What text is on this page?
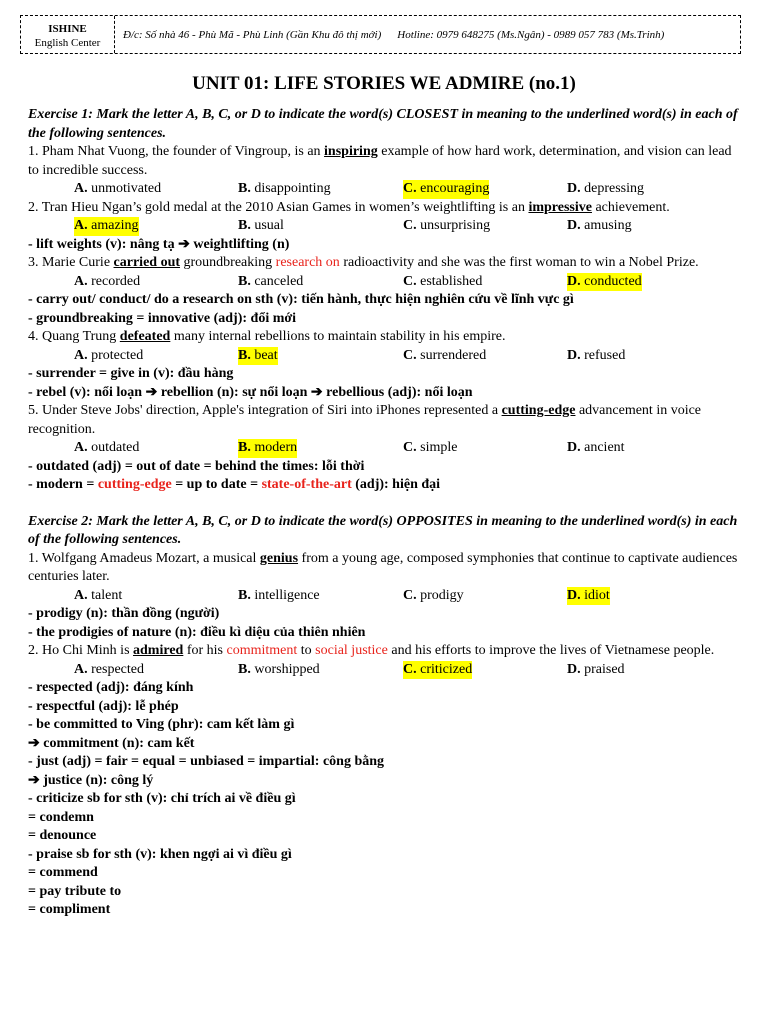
ISHINE
English Center
Đ/c: Số nhà 46 - Phù Mã - Phù Linh (Gần Khu đô thị mới) Hotline: 0979 648275 (Ms.Ngân) - 0989 057 783 (Ms.Trinh)
UNIT 01: LIFE STORIES WE ADMIRE (no.1)
Exercise 1: Mark the letter A, B, C, or D to indicate the word(s) CLOSEST in meaning to the underlined word(s) in each of the following sentences.
1. Pham Nhat Vuong, the founder of Vingroup, is an inspiring example of how hard work, determination, and vision can lead to incredible success.
A. unmotivated	B. disappointing	C. encouraging	D. depressing
2. Tran Hieu Ngan’s gold medal at the 2010 Asian Games in women’s weightlifting is an impressive achievement.
A. amazing	B. usual	C. unsurprising	D. amusing
- lift weights (v): nâng tạ ➔ weightlifting (n)
3. Marie Curie carried out groundbreaking research on radioactivity and she was the first woman to win a Nobel Prize.
A. recorded	B. canceled	C. established	D. conducted
- carry out/ conduct/ do a research on sth (v): tiến hành, thực hiện nghiên cứu về lĩnh vực gì
- groundbreaking = innovative (adj): đổi mới
4. Quang Trung defeated many internal rebellions to maintain stability in his empire.
A. protected	B. beat	C. surrendered	D. refused
- surrender = give in (v): đầu hàng
- rebel (v): nổi loạn ➔ rebellion (n): sự nổi loạn ➔ rebellious (adj): nổi loạn
5. Under Steve Jobs' direction, Apple's integration of Siri into iPhones represented a cutting-edge advancement in voice recognition.
A. outdated	B. modern	C. simple	D. ancient
- outdated (adj) = out of date = behind the times: lỗi thời
- modern = cutting-edge = up to date = state-of-the-art (adj): hiện đại
Exercise 2: Mark the letter A, B, C, or D to indicate the word(s) OPPOSITES in meaning to the underlined word(s) in each of the following sentences.
1. Wolfgang Amadeus Mozart, a musical genius from a young age, composed symphonies that continue to captivate audiences centuries later.
A. talent	B. intelligence	C. prodigy	D. idiot
- prodigy (n): thần đồng (người)
- the prodigies of nature (n): điều kì diệu của thiên nhiên
2. Ho Chi Minh is admired for his commitment to social justice and his efforts to improve the lives of Vietnamese people.
A. respected	B. worshipped	C. criticized	D. praised
- respected (adj): đáng kính
- respectful (adj): lễ phép
- be committed to Ving (phr): cam kết làm gì
➔ commitment (n): cam kết
- just (adj) = fair = equal = unbiased = impartial: công bằng
➔ justice (n): công lý
- criticize sb for sth (v): chỉ trích ai về điều gì
= condemn
= denounce
- praise sb for sth (v): khen ngợi ai vì điều gì
= commend
= pay tribute to
= compliment
